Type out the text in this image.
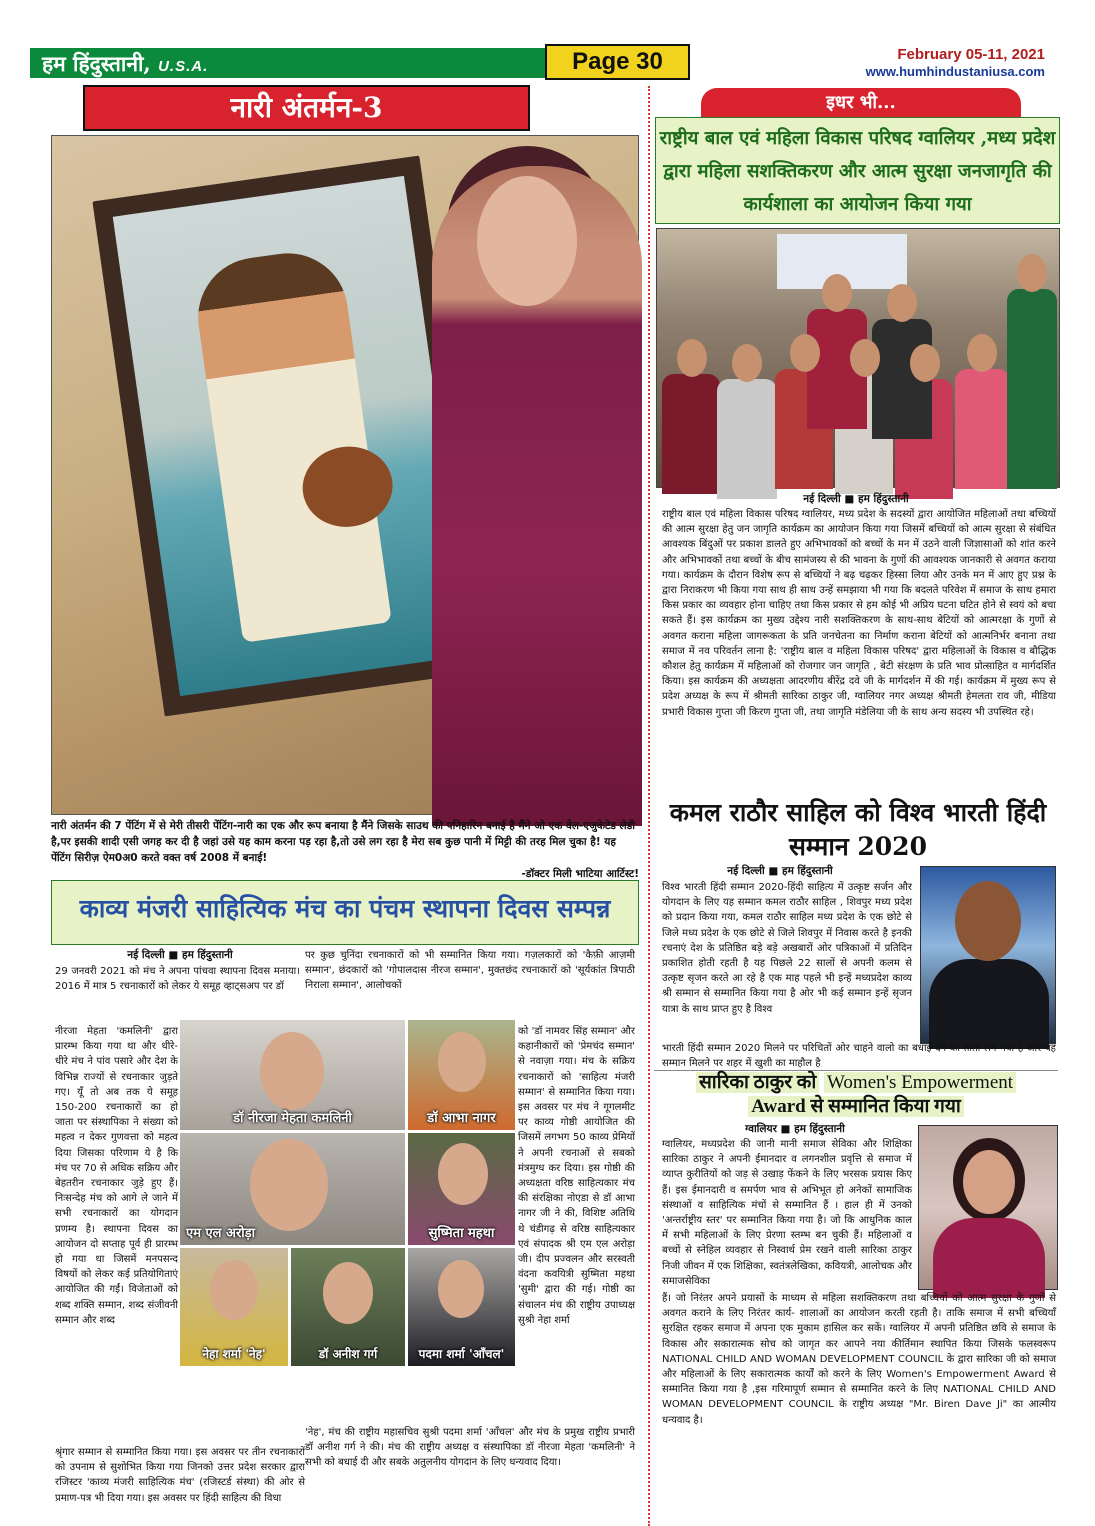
हम हिंदुस्तानी, U.S.A.	Page 30	February 05-11, 2021
www.humhindustaniusa.com
नारी अंतर्मन-3
नारी अंतर्मन की 7 पेंटिंग में से मेरी तीसरी पेंटिंग-नारी का एक और रूप बनाया है मैंने जिसके साउथ की पनिहारिन बनाई है मैंने जो एक वेल-एजुकेटेड लेडी है,पर इसकी शादी एसी जगह कर दी है जहां उसे यह काम करना पड़ रहा है,तो उसे लग रहा है मेरा सब कुछ पानी में मिट्टी की तरह मिल चुका है! यह पेंटिंग सिरीज़ ऐम0अ0 करते वक्त वर्ष 2008 में बनाई!
-डॉक्टर मिली भाटिया आर्टिस्ट!
इधर भी...
राष्ट्रीय बाल एवं महिला विकास परिषद ग्वालियर ,मध्य प्रदेश द्वारा महिला सशक्तिकरण और आत्म सुरक्षा जनजागृति की कार्यशाला का आयोजन किया गया
नई दिल्ली ■ हम हिंदुस्तानी
राष्ट्रीय बाल एवं महिला विकास परिषद ग्वालियर, मध्य प्रदेश के सदस्यों द्वारा आयोजित महिलाओं तथा बच्चियों की आत्म सुरक्षा हेतु जन जागृति कार्यक्रम का आयोजन किया गया जिसमें बच्चियों को आत्म सुरक्षा से संबंधित आवश्यक बिंदुओं पर प्रकाश डालते हुए अभिभावकों को बच्चों के मन में उठने वाली जिज्ञासाओं को शांत करने और अभिभावकों तथा बच्चों के बीच सामंजस्य से की भावना के गुणों की आवश्यक जानकारी से अवगत कराया गया। कार्यक्रम के दौरान विशेष रूप से बच्चियों ने बढ़ चढ़कर हिस्सा लिया और उनके मन में आए हुए प्रश्न के द्वारा निराकरण भी किया गया साथ ही साथ उन्हें समझाया भी गया कि बदलते परिवेश में समाज के साथ हमारा किस प्रकार का व्यवहार होना चाहिए तथा किस प्रकार से हम कोई भी अप्रिय घटना घटित होने से स्वयं को बचा सकते हैं। इस कार्यक्रम का मुख्य उद्देश्य नारी सशक्तिकरण के साथ-साथ बेटियों को आत्मरक्षा के गुणों से अवगत कराना महिला जागरूकता के प्रति जनचेतना का निर्माण कराना बेटियों को आत्मनिर्भर बनाना तथा समाज में नव परिवर्तन लाना है: 'राष्ट्रीय बाल व महिला विकास परिषद' द्वारा महिलाओं के विकास व बौद्धिक कौशल हेतु कार्यक्रम में महिलाओं को रोजगार जन जागृति , बेटी संरक्षण के प्रति भाव प्रोत्साहित व मार्गदर्शित किया। इस कार्यक्रम की अध्यक्षता आदरणीय बीरेंद्र दवे जी के मार्गदर्शन में की गई। कार्यक्रम में मुख्य रूप से प्रदेश अध्यक्ष के रूप में श्रीमती सारिका ठाकुर जी, ग्वालियर नगर अध्यक्ष श्रीमती हेमलता राव जी, मीडिया प्रभारी विकास गुप्ता जी किरण गुप्ता जी, तथा जागृति मंडेलिया जी के साथ अन्य सदस्य भी उपस्थित रहे।
कमल राठौर साहिल को विश्व भारती हिंदी सम्मान 2020
नई दिल्ली ■ हम हिंदुस्तानी
विश्व भारती हिंदी सम्मान 2020-हिंदी साहित्य में उत्कृष्ट सर्जन और योगदान के लिए यह सम्मान कमल राठौर साहिल , शिवपुर मध्य प्रदेश को प्रदान किया गया, कमल राठौर साहिल मध्य प्रदेश के एक छोटे से जिले मध्य प्रदेश के एक छोटे से जिले शिवपुर में निवास करते है इनकी रचनाएं देश के प्रतिष्ठित बड़े बड़े अखबारों ओर पत्रिकाओं में प्रतिदिन प्रकाशित होती रहती है यह पिछले 22 सालों से अपनी कलम से उत्कृष्ट सृजन करते आ रहे है एक माह पहले भी इन्हें मध्यप्रदेश काव्य श्री सम्मान से सम्मानित किया गया है ओर भी कई सम्मान इन्हें सृजन यात्रा के साथ प्राप्त हुए है विश्व
भारती हिंदी सम्मान 2020 मिलने पर परिचितों ओर चाहने वालो का बधाई देने का तांता लग गया है और यह सम्मान मिलने पर शहर में खुशी का माहौल है
सारिका ठाकुर को Women's Empowerment
Award से सम्मानित किया गया
ग्वालियर ■ हम हिंदुस्तानी
ग्वालियर, मध्यप्रदेश की जानी मानी समाज सेविका और शिक्षिका सारिका ठाकुर ने अपनी ईमानदार व लगनशील प्रवृत्ति से समाज में व्याप्त कुरीतियों को जड़ से उखाड़ फेंकने के लिए भरसक प्रयास किए हैं। इस ईमानदारी व समर्पण भाव से अभिभूत हो अनेकों सामाजिक संस्थाओं व साहित्यिक मंचों से सम्मानित हैं । हाल ही में उनको 'अन्तर्राष्ट्रीय स्तर' पर सम्मानित किया गया है। जो कि आधुनिक काल में सभी महिलाओं के लिए प्रेरणा स्तम्भ बन चुकी हैं। महिलाओं व बच्चों से स्नेहिल व्यवहार से निस्वार्थ प्रेम रखने वाली सारिका ठाकुर निजी जीवन में एक शिक्षिका, स्वतंत्रलेखिका, कवियत्री, आलोचक और समाजसेविका
हैं। जो निरंतर अपने प्रयासों के माध्यम से महिला सशक्तिकरण तथा बच्चियों को आत्म सुरक्षा के गुणों से अवगत कराने के लिए निरंतर कार्य- शालाओं का आयोजन करती रहती है। ताकि समाज में सभी बच्चियाँ सुरक्षित रहकर समाज में अपना एक मुकाम हासिल कर सकें। ग्वालियर में अपनी प्रतिष्ठित छवि से समाज के विकास और सकारात्मक सोच को जागृत कर आपने नया कीर्तिमान स्थापित किया जिसके फलस्वरूप NATIONAL CHILD AND WOMAN DEVELOPMENT COUNCIL के द्वारा सारिका जी को समाज और महिलाओं के लिए सकारात्मक कार्यों को करने के लिए Women's Empowerment Award से सम्मानित किया गया है ,इस गरिमापूर्ण सम्मान से सम्मानित करने के लिए NATIONAL CHILD AND WOMAN DEVELOPMENT COUNCIL के राष्ट्रीय अध्यक्ष "Mr. Biren Dave Ji" का आत्मीय धन्यवाद है।
काव्य मंजरी साहित्यिक मंच का पंचम स्थापना दिवस सम्पन्न
नई दिल्ली ■ हम हिंदुस्तानी
29 जनवरी 2021 को मंच ने अपना पांचवा स्थापना दिवस मनाया। 2016 में मात्र 5 रचनाकारों को लेकर ये समूह व्हाट्सअप पर डॉ
पर कुछ चुनिंदा रचनाकारों को भी सम्मानित किया गया। गज़लकारों को 'कैफ़ी आज़मी सम्मान', छंदकारों को 'गोपालदास नीरज सम्मान', मुक्तछंद रचनाकारों को 'सूर्यकांत त्रिपाठी निराला सम्मान', आलोचकों
नीरजा मेहता 'कमलिनी' द्वारा प्रारम्भ किया गया था और धीरे-धीरे मंच ने पांव पसारे और देश के विभिन्न राज्यों से रचनाकार जुड़ते गए। यूँ तो अब तक ये समूह 150-200 रचनाकारों का हो जाता पर संस्थापिका ने संख्या को महत्व न देकर गुणवत्ता को महत्व दिया जिसका परिणाम ये है कि मंच पर 70 से अधिक सक्रिय और बेहतरीन रचनाकार जुड़े हुए हैं। निःसन्देह मंच को आगे ले जाने में सभी रचनाकारों का योगदान प्रणम्य है। स्थापना दिवस का आयोजन दो सप्ताह पूर्व ही प्रारम्भ हो गया था जिसमें मनपसन्द विषयों को लेकर कई प्रतियोगिताएं आयोजित की गईं। विजेताओं को शब्द शक्ति सम्मान, शब्द संजीवनी सम्मान और शब्द
को 'डॉ नामवर सिंह सम्मान' और कहानीकारों को 'प्रेमचंद सम्मान' से नवाज़ा गया। मंच के सक्रिय रचनाकारों को 'साहित्य मंजरी सम्मान' से सम्मानित किया गया। इस अवसर पर मंच ने गूगलमीट पर काव्य गोष्ठी आयोजित की जिसमें लगभग 50 काव्य प्रेमियों ने अपनी रचनाओं से सबको मंत्रमुग्ध कर दिया। इस गोष्ठी की अध्यक्षता वरिष्ठ साहित्यकार मंच की संरक्षिका नोएडा से डॉ आभा नागर जी ने की, विशिष्ट अतिथि थे चंडीगढ़ से वरिष्ठ साहित्यकार एवं संपादक श्री एम एल अरोड़ा जी। दीप प्रज्वलन और सरस्वती वंदना कवयित्री सुष्मिता महथा 'सुमी' द्वारा की गई। गोष्ठी का संचालन मंच की राष्ट्रीय उपाध्यक्ष सुश्री नेहा शर्मा
डॉ नीरजा मेहता कमलिनी	डॉ आभा नागर
एम एल अरोड़ा	सुष्मिता महथा
नेहा शर्मा 'नेह'	डॉ अनीश गर्ग	पदमा शर्मा 'आँचल'
श्रृंगार सम्मान से सम्मानित किया गया। इस अवसर पर तीन रचनाकारों को उपनाम से सुशोभित किया गया जिनको उत्तर प्रदेश सरकार द्वारा रजिस्टर 'काव्य मंजरी साहित्यिक मंच' (रजिस्टर्ड संस्था) की ओर से प्रमाण-पत्र भी दिया गया। इस अवसर पर हिंदी साहित्य की विधा
'नेह', मंच की राष्ट्रीय महासचिव सुश्री पदमा शर्मा 'आँचल' और मंच के प्रमुख राष्ट्रीय प्रभारी डॉ अनीश गर्ग ने की। मंच की राष्ट्रीय अध्यक्ष व संस्थापिका डॉ नीरजा मेहता 'कमलिनी' ने सभी को बधाई दी और सबके अतुलनीय योगदान के लिए धन्यवाद दिया।
